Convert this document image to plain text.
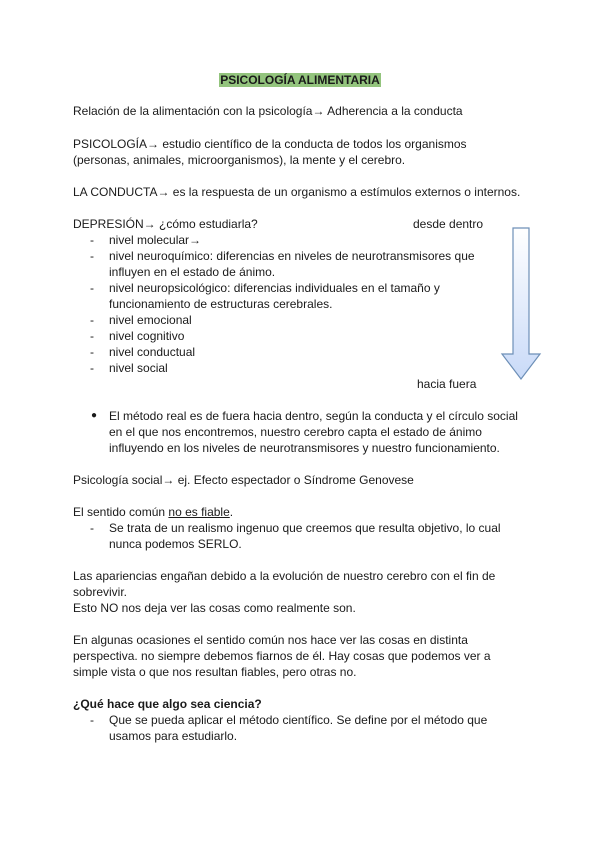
PSICOLOGÍA ALIMENTARIA
Relación de la alimentación con la psicología→ Adherencia a la conducta
PSICOLOGÍA→ estudio científico de la conducta de todos los organismos
(personas, animales, microorganismos), la mente y el cerebro.
LA CONDUCTA→ es la respuesta de un organismo a estímulos externos o internos.
DEPRESIÓN→ ¿cómo estudiarla?	desde dentro
- nivel molecular→
- nivel neuroquímico: diferencias en niveles de neurotransmisores que
influyen en el estado de ánimo.
- nivel neuropsicológico: diferencias individuales en el tamaño y
funcionamiento de estructuras cerebrales.
- nivel emocional
- nivel cognitivo
- nivel conductual
- nivel social
hacia fuera
● El método real es de fuera hacia dentro, según la conducta y el círculo social
en el que nos encontremos, nuestro cerebro capta el estado de ánimo
influyendo en los niveles de neurotransmisores y nuestro funcionamiento.
Psicología social→ ej. Efecto espectador o Síndrome Genovese
El sentido común no es fiable.
- Se trata de un realismo ingenuo que creemos que resulta objetivo, lo cual
nunca podemos SERLO.
Las apariencias engañan debido a la evolución de nuestro cerebro con el fin de
sobrevivir.
Esto NO nos deja ver las cosas como realmente son.
En algunas ocasiones el sentido común nos hace ver las cosas en distinta
perspectiva. no siempre debemos fiarnos de él. Hay cosas que podemos ver a
simple vista o que nos resultan fiables, pero otras no.
¿Qué hace que algo sea ciencia?
- Que se pueda aplicar el método científico. Se define por el método que
usamos para estudiarlo.
